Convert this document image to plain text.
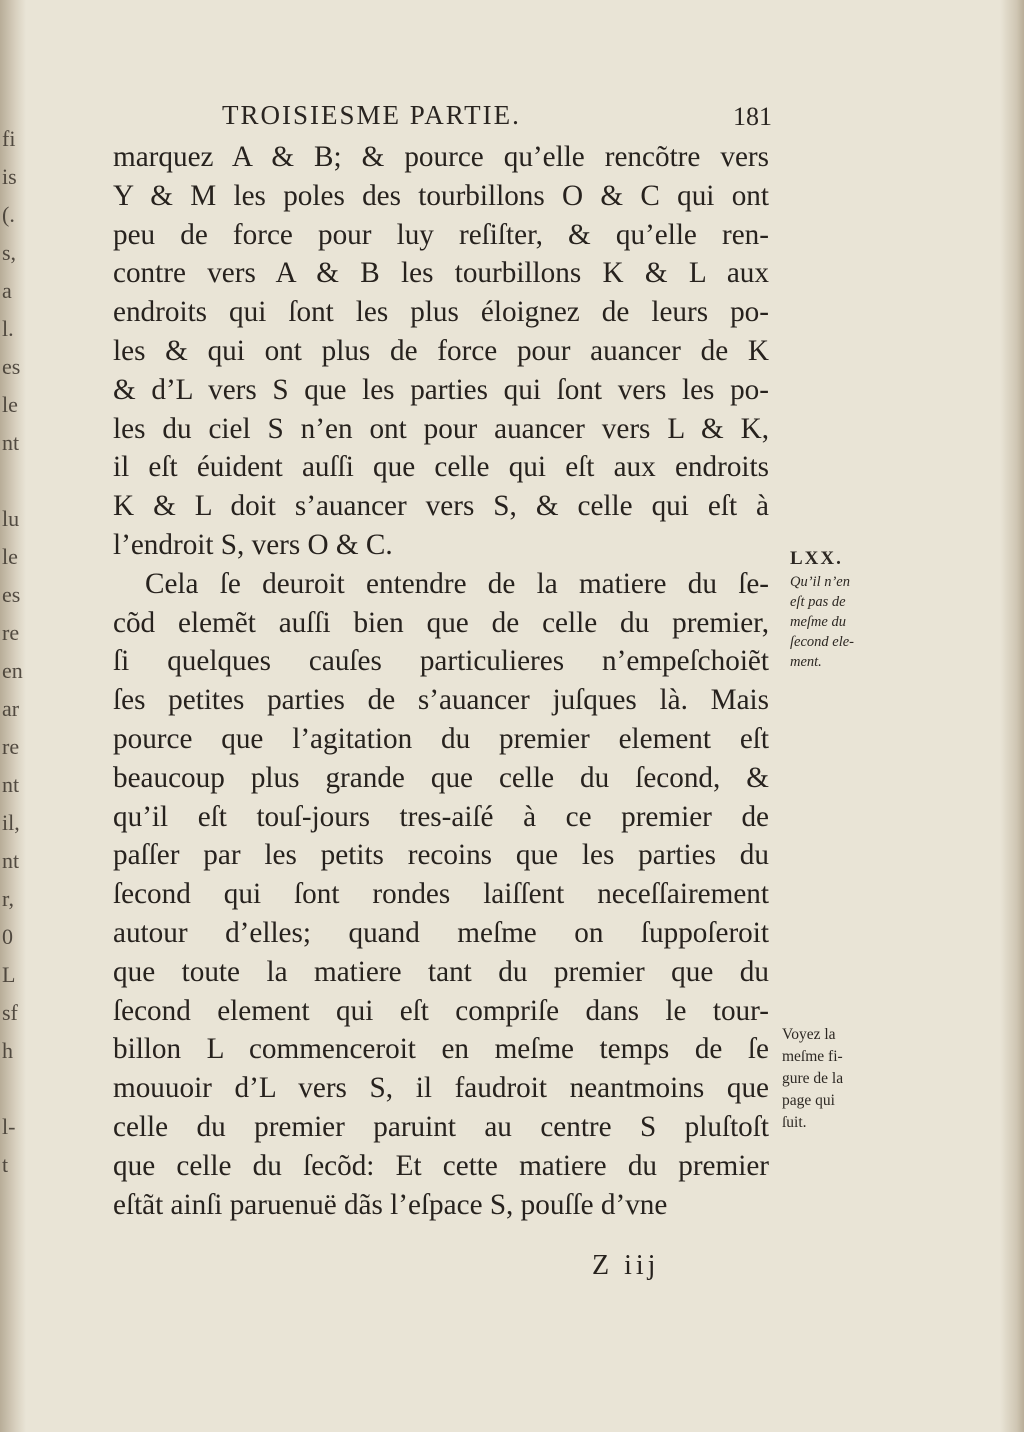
fi
is
(.
s,
a
l.
es
le
nt

lu
le
es
re
en
ar
re
nt
il,
nt
r,
0
L
sf
h

l-
t
TROISIESME PARTIE.	181
marquez A & B; & pource qu’elle rencõtre vers
Y & M les poles des tourbillons O & C qui ont
peu de force pour luy reſiſter, & qu’elle ren-
contre vers A & B les tourbillons K & L aux
endroits qui ſont les plus éloignez de leurs po-
les & qui ont plus de force pour auancer de K
& d’L vers S que les parties qui ſont vers les po-
les du ciel S n’en ont pour auancer vers L & K,
il eſt éuident auſſi que celle qui eſt aux endroits
K & L doit s’auancer vers S, & celle qui eſt à
l’endroit S, vers O & C.
Cela ſe deuroit entendre de la matiere du ſe-
cõd elemẽt auſſi bien que de celle du premier,
ſi quelques cauſes particulieres n’empeſchoiẽt
ſes petites parties de s’auancer juſques là. Mais
pource que l’agitation du premier element eſt
beaucoup plus grande que celle du ſecond, &
qu’il eſt touſ-jours tres-aiſé à ce premier de
paſſer par les petits recoins que les parties du
ſecond qui ſont rondes laiſſent neceſſairement
autour d’elles; quand meſme on ſuppoſeroit
que toute la matiere tant du premier que du
ſecond element qui eſt compriſe dans le tour-
billon L commenceroit en meſme temps de ſe
mouuoir d’L vers S, il faudroit neantmoins que
celle du premier paruint au centre S pluſtoſt
que celle du ſecõd: Et cette matiere du premier
eſtãt ainſi paruenuë dãs l’eſpace S, pouſſe d’vne
LXX.
Qu’il n’en
eſt pas de
meſme du
ſecond ele-
ment.
Voyez la
meſme fi-
gure de la
page qui
ſuit.
Z iij
